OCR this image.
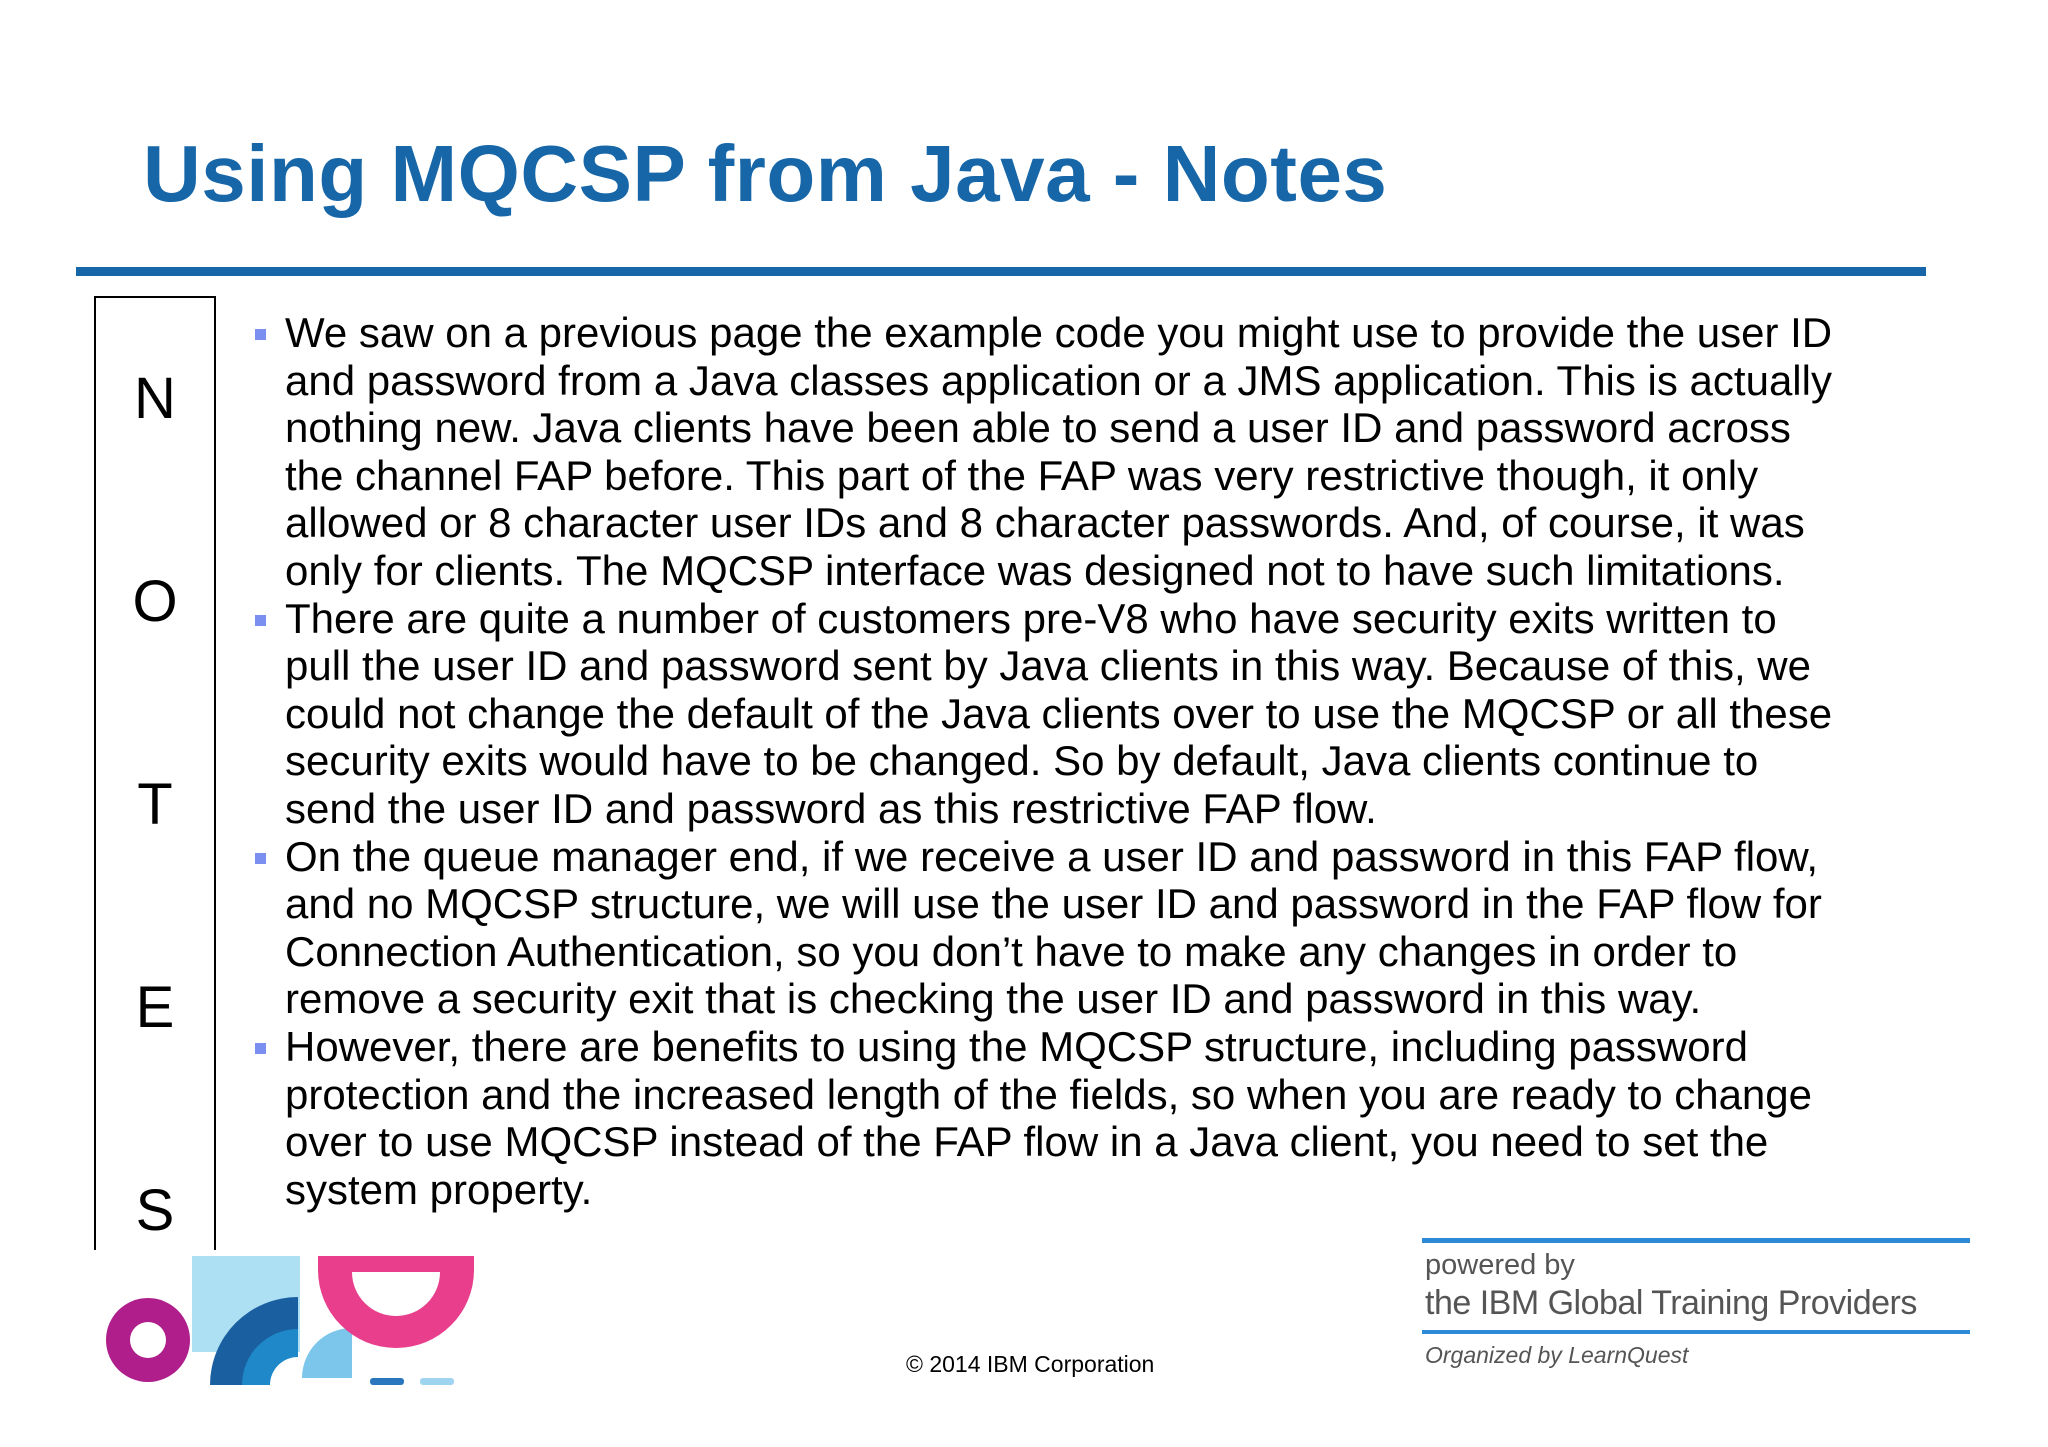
Using MQCSP from Java - Notes
N
O
T
E
S
We saw on a previous page the example code you might use to provide the user ID
and password from a Java classes application or a JMS application. This is actually
nothing new. Java clients have been able to send a user ID and password across
the channel FAP before. This part of the FAP was very restrictive though, it only
allowed or 8 character user IDs and 8 character passwords. And, of course, it was
only for clients. The MQCSP interface was designed not to have such limitations.
There are quite a number of customers pre-V8 who have security exits written to
pull the user ID and password sent by Java clients in this way. Because of this, we
could not change the default of the Java clients over to use the MQCSP or all these
security exits would have to be changed. So by default, Java clients continue to
send the user ID and password as this restrictive FAP flow.
On the queue manager end, if we receive a user ID and password in this FAP flow,
and no MQCSP structure, we will use the user ID and password in the FAP flow for
Connection Authentication, so you don’t have to make any changes in order to
remove a security exit that is checking the user ID and password in this way.
However, there are benefits to using the MQCSP structure, including password
protection and the increased length of the fields, so when you are ready to change
over to use MQCSP instead of the FAP flow in a Java client, you need to set the
system property.
© 2014 IBM Corporation
powered by
the IBM Global Training Providers
Organized by LearnQuest
